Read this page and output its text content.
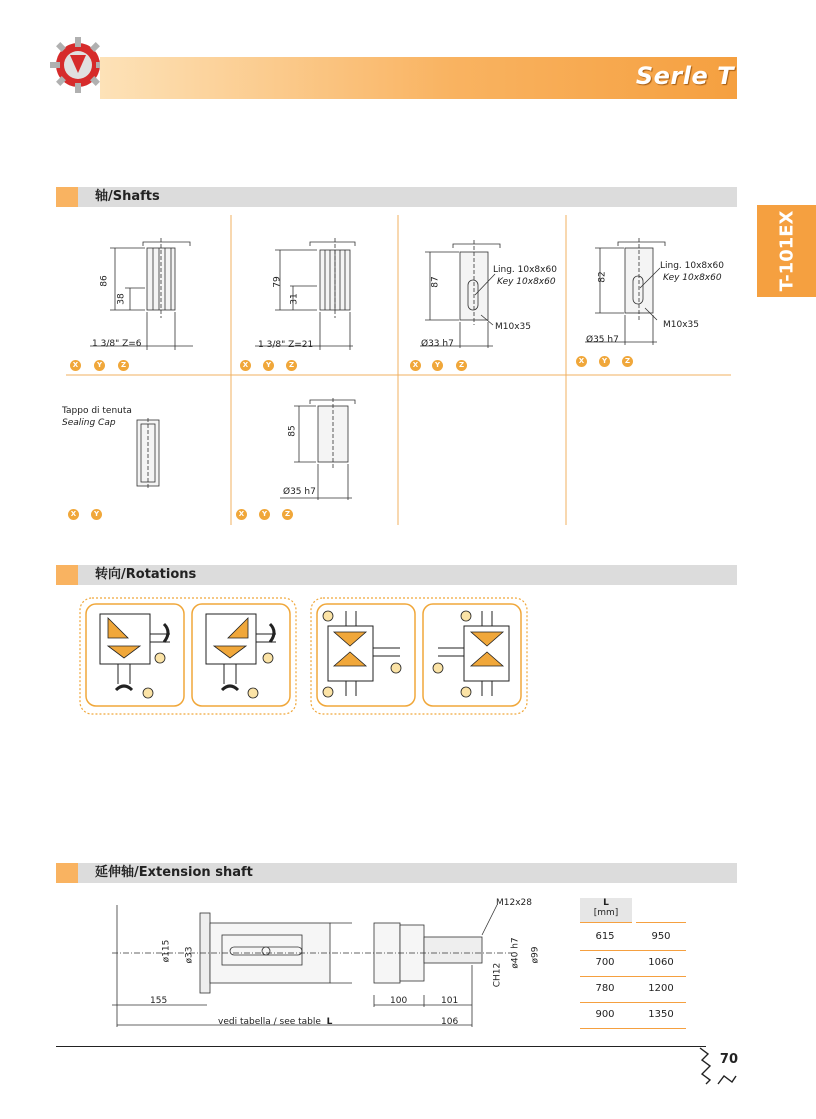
Serle T
T-101EX
轴/Shafts
86
38
1 3/8" Z=6
X	Y	Z
79
31
1 3/8" Z=21
X	Y	Z
87
Ling. 10x8x60
Key 10x8x60
M10x35
Ø33 h7
X	Y	Z
82
Ling. 10x8x60
Key 10x8x60
M10x35
Ø35 h7
X	Y	Z
Tappo di tenuta
Sealing Cap
X	Y
85
Ø35 h7
X	Y	Z
转向/Rotations
延伸轴/Extension shaft
M12x28
ø115 ø33	ø40 h7 ø99
CH12
155	100	101
106
vedi tabella / see table L
L
[mm]
615	950
700	1060
780	1200
900	1350
70
